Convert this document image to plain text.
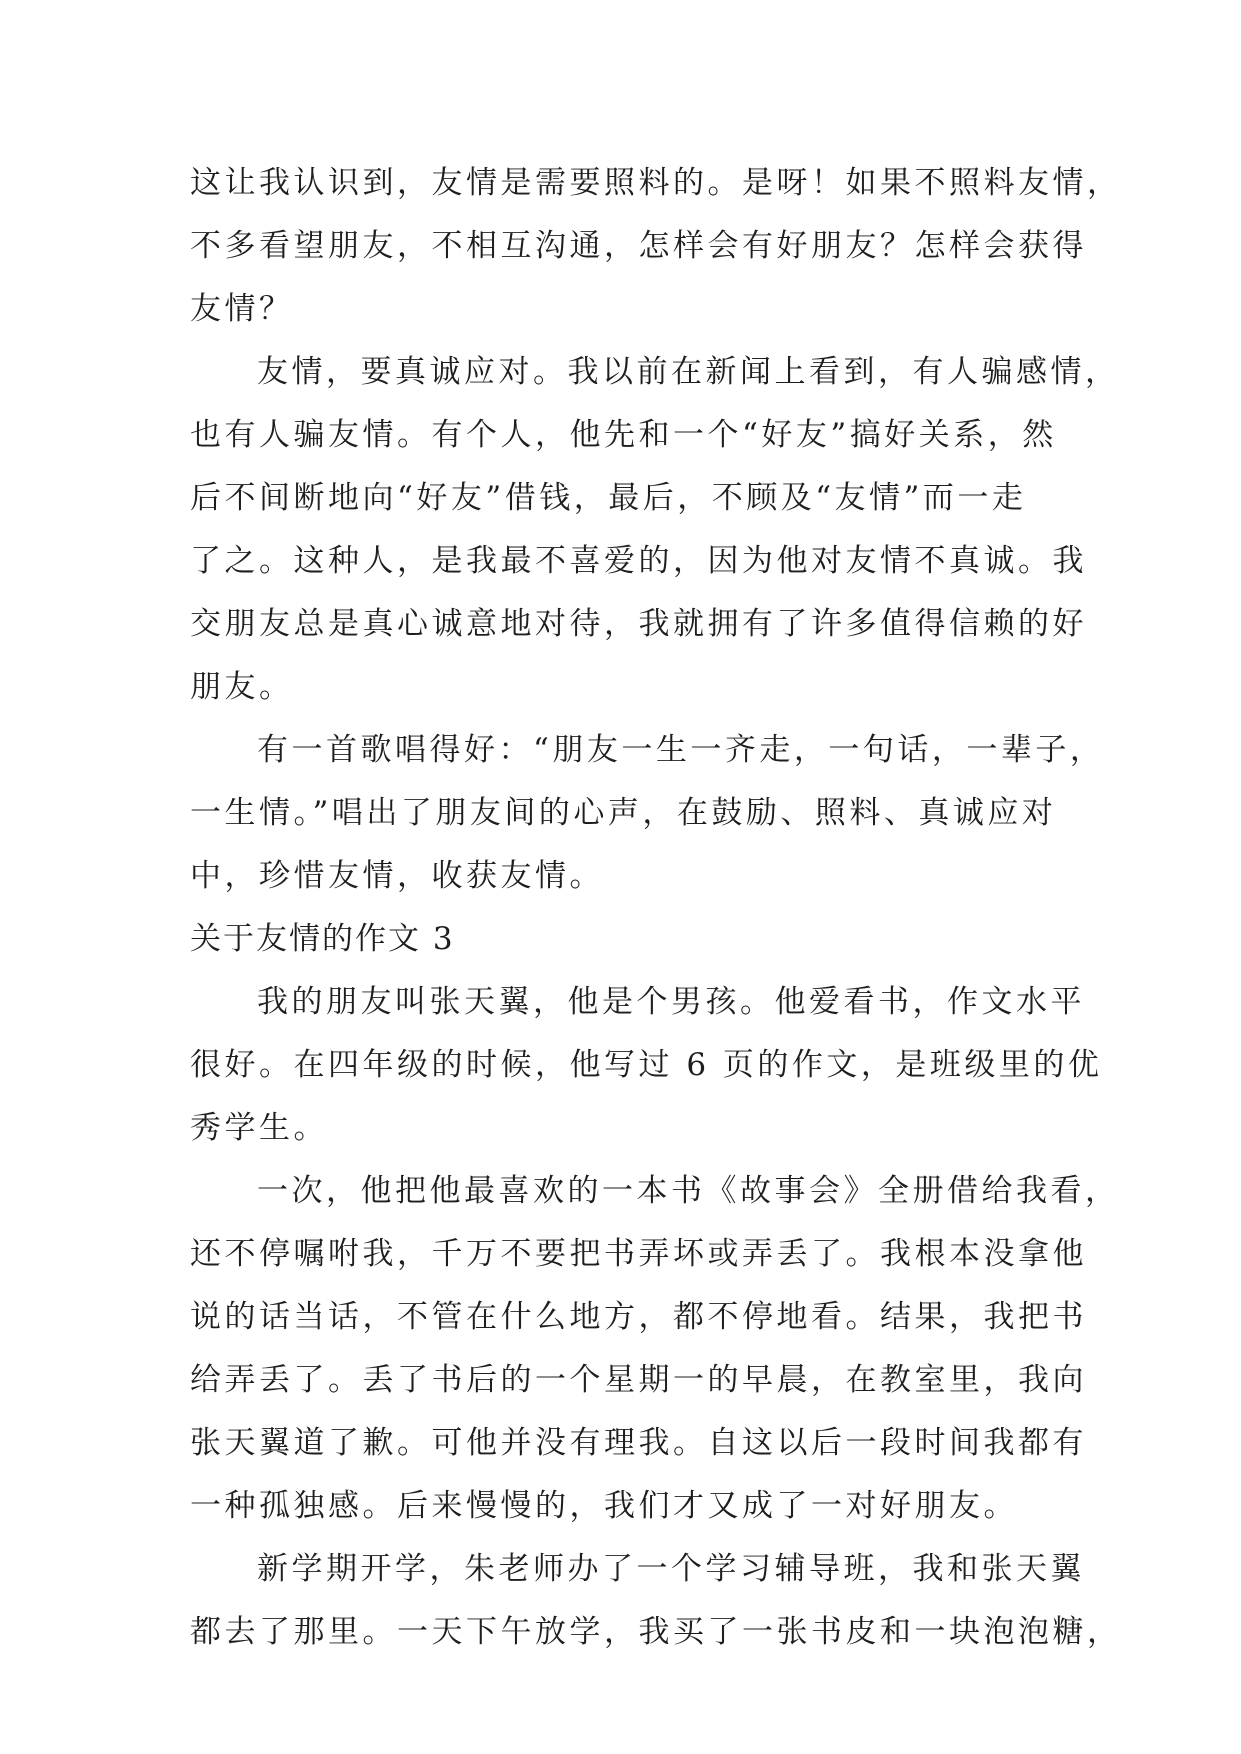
这让我认识到，友情是需要照料的。是呀！如果不照料友情，
不多看望朋友，不相互沟通，怎样会有好朋友？怎样会获得
友情？
友情，要真诚应对。我以前在新闻上看到，有人骗感情，
也有人骗友情。有个人，他先和一个“好友”搞好关系，然
后不间断地向“好友”借钱，最后，不顾及“友情”而一走
了之。这种人，是我最不喜爱的，因为他对友情不真诚。我
交朋友总是真心诚意地对待，我就拥有了许多值得信赖的好
朋友。
有一首歌唱得好：“朋友一生一齐走，一句话，一辈子，
一生情。”唱出了朋友间的心声，在鼓励、照料、真诚应对
中，珍惜友情，收获友情。
关于友情的作文 3
我的朋友叫张天翼，他是个男孩。他爱看书，作文水平
很好。在四年级的时候，他写过 6 页的作文，是班级里的优
秀学生。
一次，他把他最喜欢的一本书《故事会》全册借给我看，
还不停嘱咐我，千万不要把书弄坏或弄丢了。我根本没拿他
说的话当话，不管在什么地方，都不停地看。结果，我把书
给弄丢了。丢了书后的一个星期一的早晨，在教室里，我向
张天翼道了歉。可他并没有理我。自这以后一段时间我都有
一种孤独感。后来慢慢的，我们才又成了一对好朋友。
新学期开学，朱老师办了一个学习辅导班，我和张天翼
都去了那里。一天下午放学，我买了一张书皮和一块泡泡糖，
